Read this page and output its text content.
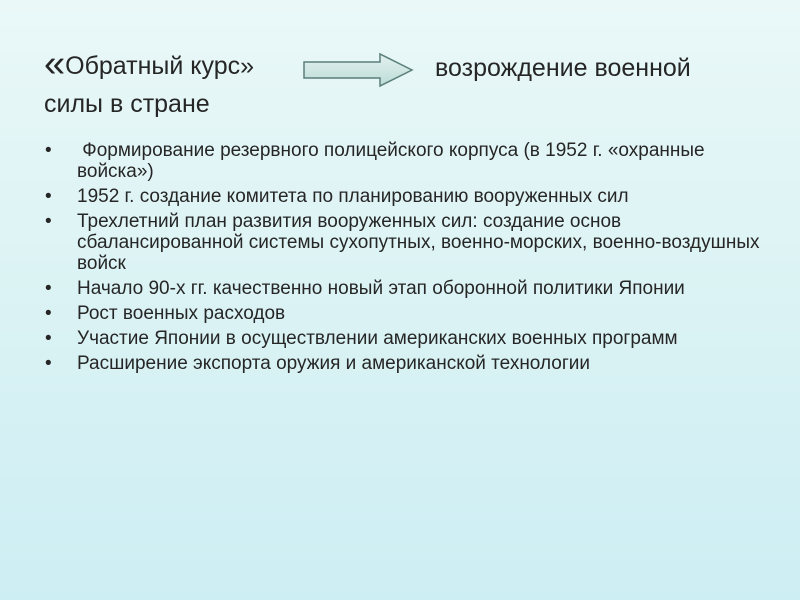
«Обратный курс»	возрождение военной
силы в стране
• Формирование резервного полицейского корпуса (в 1952 г. «охранные войска»)
• 1952 г. создание комитета по планированию вооруженных сил
• Трехлетний план развития вооруженных сил: создание основ сбалансированной системы сухопутных, военно-морских, военно-воздушных войск
• Начало 90-х гг. качественно новый этап оборонной политики Японии
• Рост военных расходов
• Участие Японии в осуществлении американских военных программ
• Расширение экспорта оружия и американской технологии
